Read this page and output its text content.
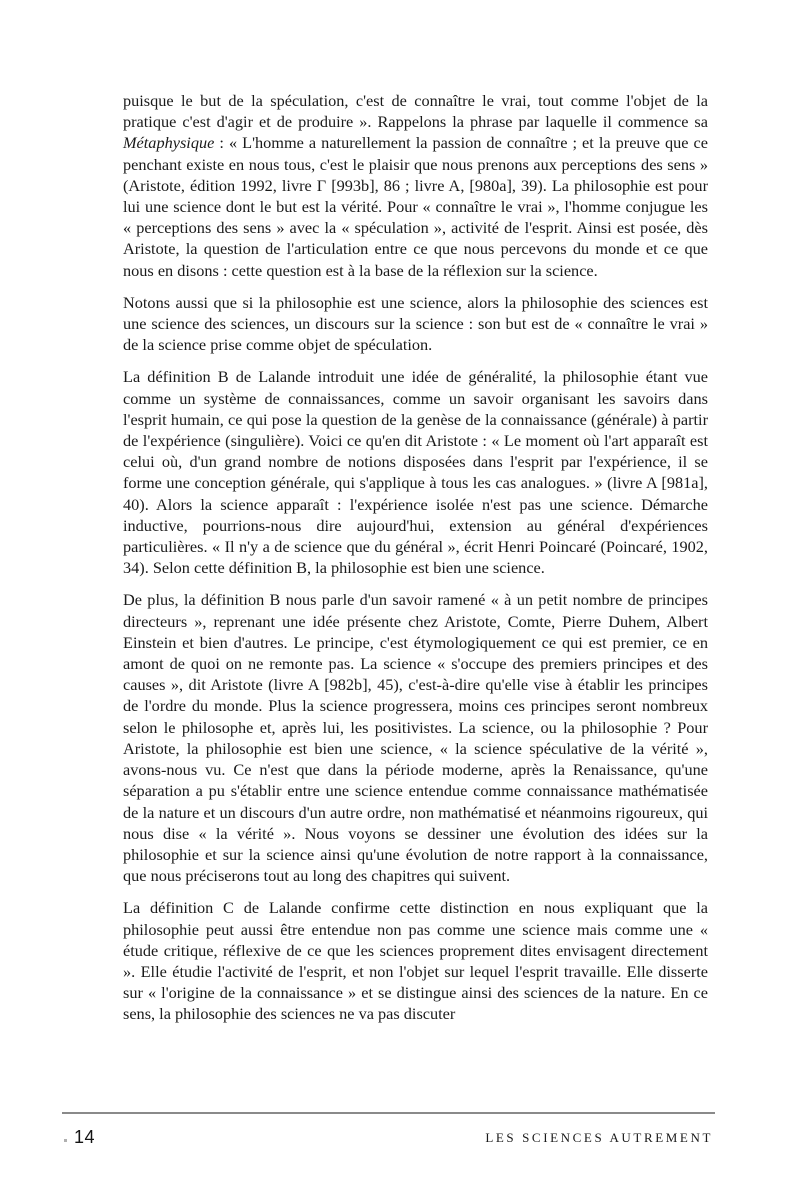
puisque le but de la spéculation, c'est de connaître le vrai, tout comme l'objet de la pratique c'est d'agir et de produire ». Rappelons la phrase par laquelle il commence sa Métaphysique : « L'homme a naturellement la passion de connaître ; et la preuve que ce penchant existe en nous tous, c'est le plaisir que nous prenons aux perceptions des sens » (Aristote, édition 1992, livre Γ [993b], 86 ; livre A, [980a], 39). La philosophie est pour lui une science dont le but est la vérité. Pour « connaître le vrai », l'homme conjugue les « perceptions des sens » avec la « spéculation », activité de l'esprit. Ainsi est posée, dès Aristote, la question de l'articulation entre ce que nous percevons du monde et ce que nous en disons : cette question est à la base de la réflexion sur la science.

Notons aussi que si la philosophie est une science, alors la philosophie des sciences est une science des sciences, un discours sur la science : son but est de « connaître le vrai » de la science prise comme objet de spéculation.

La définition B de Lalande introduit une idée de généralité, la philosophie étant vue comme un système de connaissances, comme un savoir organisant les savoirs dans l'esprit humain, ce qui pose la question de la genèse de la connaissance (générale) à partir de l'expérience (singulière). Voici ce qu'en dit Aristote : « Le moment où l'art apparaît est celui où, d'un grand nombre de notions disposées dans l'esprit par l'expérience, il se forme une conception générale, qui s'applique à tous les cas analogues. » (livre A [981a], 40). Alors la science apparaît : l'expérience isolée n'est pas une science. Démarche inductive, pourrions-nous dire aujourd'hui, extension au général d'expériences particulières. « Il n'y a de science que du général », écrit Henri Poincaré (Poincaré, 1902, 34). Selon cette définition B, la philosophie est bien une science.

De plus, la définition B nous parle d'un savoir ramené « à un petit nombre de principes directeurs », reprenant une idée présente chez Aristote, Comte, Pierre Duhem, Albert Einstein et bien d'autres. Le principe, c'est étymologiquement ce qui est premier, ce en amont de quoi on ne remonte pas. La science « s'occupe des premiers principes et des causes », dit Aristote (livre A [982b], 45), c'est-à-dire qu'elle vise à établir les principes de l'ordre du monde. Plus la science progressera, moins ces principes seront nombreux selon le philosophe et, après lui, les positivistes. La science, ou la philosophie ? Pour Aristote, la philosophie est bien une science, « la science spéculative de la vérité », avons-nous vu. Ce n'est que dans la période moderne, après la Renaissance, qu'une séparation a pu s'établir entre une science entendue comme connaissance mathématisée de la nature et un discours d'un autre ordre, non mathématisé et néanmoins rigoureux, qui nous dise « la vérité ». Nous voyons se dessiner une évolution des idées sur la philosophie et sur la science ainsi qu'une évolution de notre rapport à la connaissance, que nous préciserons tout au long des chapitres qui suivent.

La définition C de Lalande confirme cette distinction en nous expliquant que la philosophie peut aussi être entendue non pas comme une science mais comme une « étude critique, réflexive de ce que les sciences proprement dites envisagent directement ». Elle étudie l'activité de l'esprit, et non l'objet sur lequel l'esprit travaille. Elle disserte sur « l'origine de la connaissance » et se distingue ainsi des sciences de la nature. En ce sens, la philosophie des sciences ne va pas discuter

14	LES SCIENCES AUTREMENT
